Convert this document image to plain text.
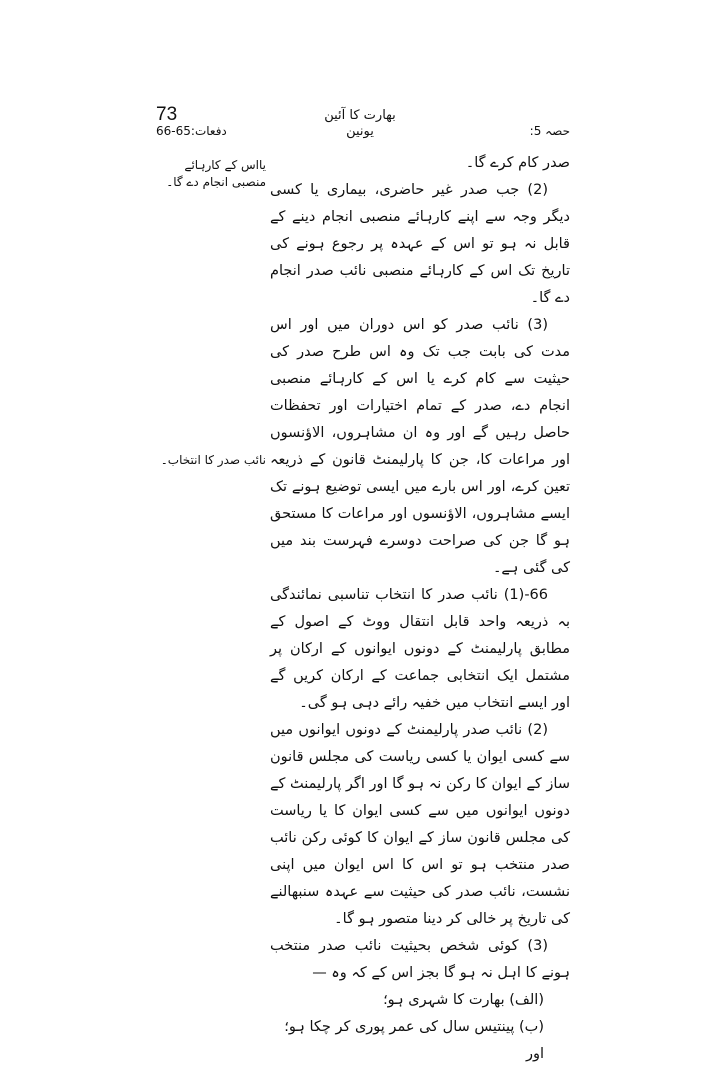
73
دفعات:65-66
بھارت کا آئین
یونین	حصہ 5:
یااس کے کارہائے منصبی انجام دے گا۔
نائب صدر کا انتخاب۔

صدر کام کرے گا۔

(2) جب صدر غیر حاضری، بیماری یا کسی دیگر وجہ سے اپنے کارہائے منصبی انجام دینے کے قابل نہ ہو تو اس کے عہدہ پر رجوع ہونے کی تاریخ تک اس کے کارہائے منصبی نائب صدر انجام دے گا۔

(3) نائب صدر کو اس دوران میں اور اس مدت کی بابت جب تک وہ اس طرح صدر کی حیثیت سے کام کرے یا اس کے کارہائے منصبی انجام دے، صدر کے تمام اختیارات اور تحفظات حاصل رہیں گے اور وہ ان مشاہروں، الاؤنسوں اور مراعات کا، جن کا پارلیمنٹ قانون کے ذریعہ تعین کرے، اور اس بارے میں ایسی توضیع ہونے تک ایسے مشاہروں، الاؤنسوں اور مراعات کا مستحق ہو گا جن کی صراحت دوسرے فہرست بند میں کی گئی ہے۔

66-(1) نائب صدر کا انتخاب تناسبی نمائندگی بہ ذریعہ واحد قابل انتقال ووٹ کے اصول کے مطابق پارلیمنٹ کے دونوں ایوانوں کے ارکان پر مشتمل ایک انتخابی جماعت کے ارکان کریں گے اور ایسے انتخاب میں خفیہ رائے دہی ہو گی۔

(2) نائب صدر پارلیمنٹ کے دونوں ایوانوں میں سے کسی ایوان یا کسی ریاست کی مجلس قانون ساز کے ایوان کا رکن نہ ہو گا اور اگر پارلیمنٹ کے دونوں ایوانوں میں سے کسی ایوان کا یا ریاست کی مجلس قانون ساز کے ایوان کا کوئی رکن نائب صدر منتخب ہو تو اس کا اس ایوان میں اپنی نشست، نائب صدر کی حیثیت سے عہدہ سنبھالنے کی تاریخ پر خالی کر دینا متصور ہو گا۔

(3) کوئی شخص بحیثیت نائب صدر منتخب ہونے کا اہل نہ ہو گا بجز اس کے کہ وہ —

(الف) بھارت کا شہری ہو؛

(ب) پینتیس سال کی عمر پوری کر چکا ہو؛ اور
